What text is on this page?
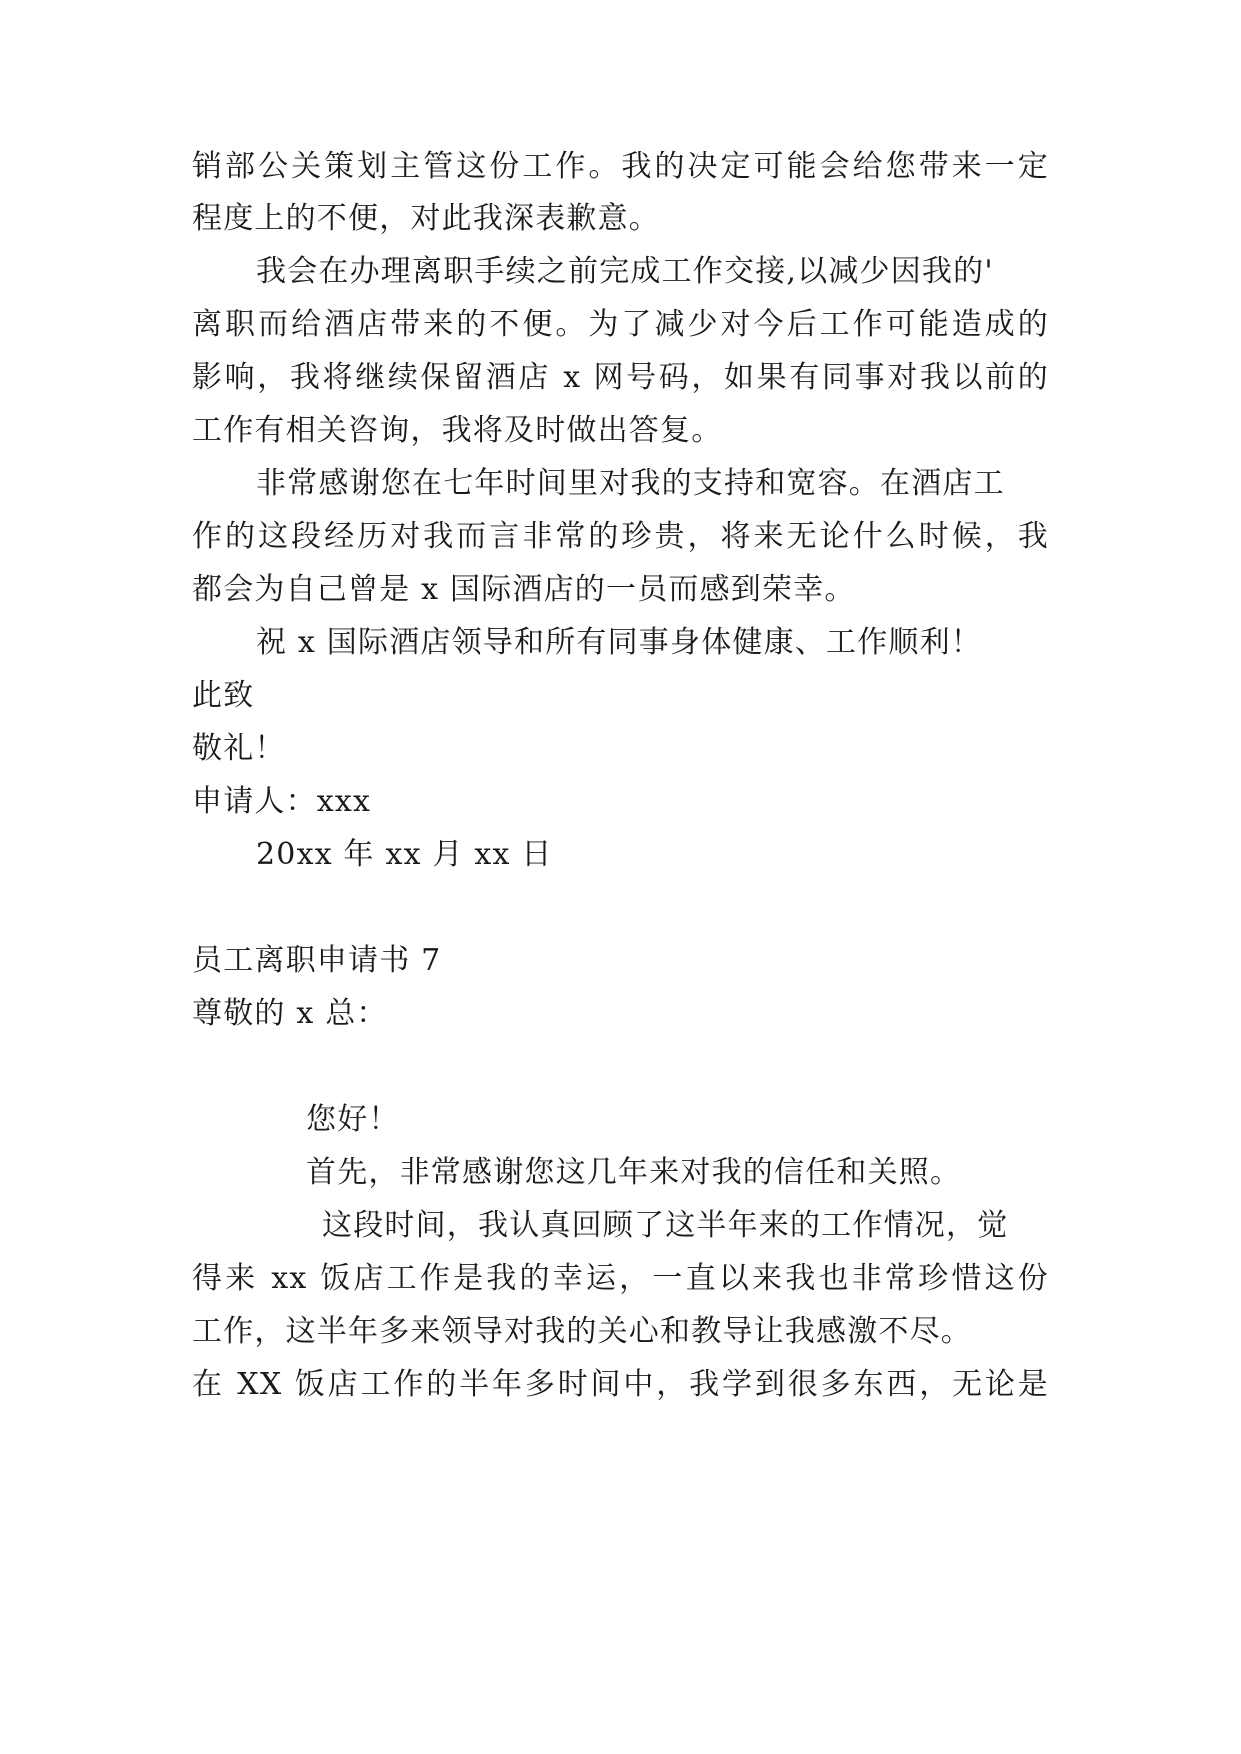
销部公关策划主管这份工作。我的决定可能会给您带来一定
程度上的不便，对此我深表歉意。
我会在办理离职手续之前完成工作交接,以减少因我的'
离职而给酒店带来的不便。为了减少对今后工作可能造成的
影响，我将继续保留酒店 x 网号码，如果有同事对我以前的
工作有相关咨询，我将及时做出答复。
非常感谢您在七年时间里对我的支持和宽容。在酒店工
作的这段经历对我而言非常的珍贵，将来无论什么时候，我
都会为自己曾是 x 国际酒店的一员而感到荣幸。
祝 x 国际酒店领导和所有同事身体健康、工作顺利！
此致
敬礼！
申请人：xxx
20xx 年 xx 月 xx 日
员工离职申请书 7
尊敬的 x 总：
您好！
首先，非常感谢您这几年来对我的信任和关照。
这段时间，我认真回顾了这半年来的工作情况，觉
得来 xx 饭店工作是我的幸运，一直以来我也非常珍惜这份
工作，这半年多来领导对我的关心和教导让我感激不尽。
在 XX 饭店工作的半年多时间中，我学到很多东西，无论是
